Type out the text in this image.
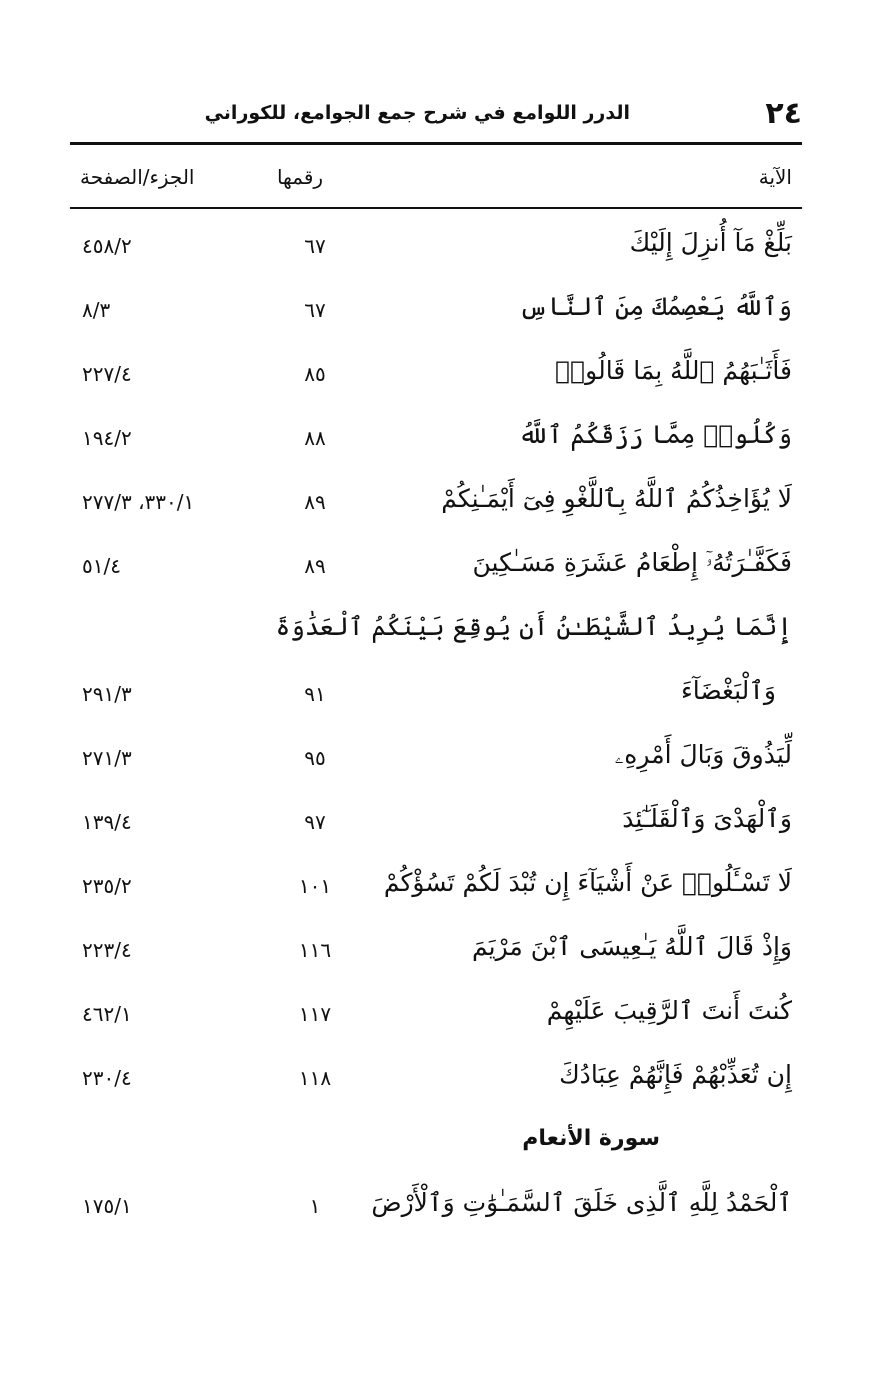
٢٤
الدرر اللوامع في شرح جمع الجوامع، للكوراني
الآية
رقمها
الجزء/الصفحة
بَلِّغْ مَآ أُنزِلَ إِلَيْكَ
٦٧
٤٥٨/٢
وَٱللَّهُ يَعْصِمُكَ مِنَ ٱلنَّاسِ
٦٧
٨/٣
فَأَثَـٰبَهُمُ ٱللَّهُ بِمَا قَالُوا۟
٨٥
٢٢٧/٤
وَكُلُوا۟ مِمَّا رَزَقَكُمُ ٱللَّهُ
٨٨
١٩٤/٢
لَا يُؤَاخِذُكُمُ ٱللَّهُ بِٱللَّغْوِ فِىٓ أَيْمَـٰنِكُمْ
٨٩
٣٣٠/١، ٢٧٧/٣
فَكَفَّـٰرَتُهُۥٓ إِطْعَامُ عَشَرَةِ مَسَـٰكِينَ
٨٩
٥١/٤
إِنَّمَا يُرِيدُ ٱلشَّيْطَـٰنُ أَن يُوقِعَ بَيْنَكُمُ ٱلْعَدَٰوَةَ
وَٱلْبَغْضَآءَ
٩١
٢٩١/٣
لِّيَذُوقَ وَبَالَ أَمْرِهِۦ
٩٥
٢٧١/٣
وَٱلْهَدْىَ وَٱلْقَلَـٰٓئِدَ
٩٧
١٣٩/٤
لَا تَسْـَٔلُوا۟ عَنْ أَشْيَآءَ إِن تُبْدَ لَكُمْ تَسُؤْكُمْ
١٠١
٢٣٥/٢
وَإِذْ قَالَ ٱللَّهُ يَـٰعِيسَى ٱبْنَ مَرْيَمَ
١١٦
٢٢٣/٤
كُنتَ أَنتَ ٱلرَّقِيبَ عَلَيْهِمْ
١١٧
٤٦٢/١
إِن تُعَذِّبْهُمْ فَإِنَّهُمْ عِبَادُكَ
١١٨
٢٣٠/٤
سورة الأنعام
ٱلْحَمْدُ لِلَّهِ ٱلَّذِى خَلَقَ ٱلسَّمَـٰوَٰتِ وَٱلْأَرْضَ
١
١٧٥/١
